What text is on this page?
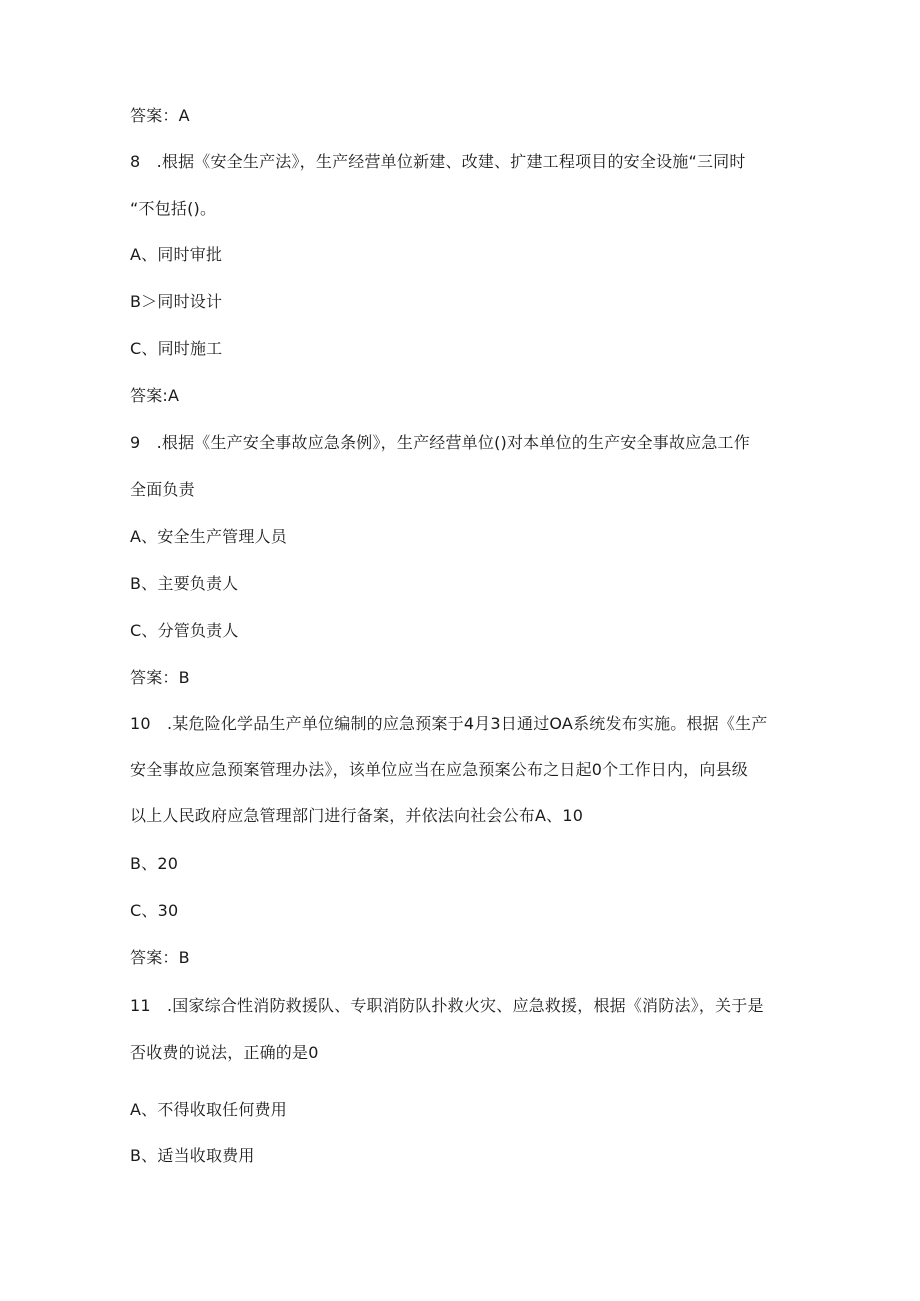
答案：A
8　.根据《安全生产法》，生产经营单位新建、改建、扩建工程项目的安全设施“三同时
“不包括()。
A、同时审批
B＞同时设计
C、同时施工
答案:A
9　.根据《生产安全事故应急条例》，生产经营单位()对本单位的生产安全事故应急工作
全面负责
A、安全生产管理人员
B、主要负责人
C、分管负责人
答案：B
10　.某危险化学品生产单位编制的应急预案于4月3日通过OA系统发布实施。根据《生产
安全事故应急预案管理办法》，该单位应当在应急预案公布之日起0个工作日内，向县级
以上人民政府应急管理部门进行备案，并依法向社会公布A、10
B、20
C、30
答案：B
11　.国家综合性消防救援队、专职消防队扑救火灾、应急救援，根据《消防法》，关于是
否收费的说法，正确的是0
A、不得收取任何费用
B、适当收取费用
